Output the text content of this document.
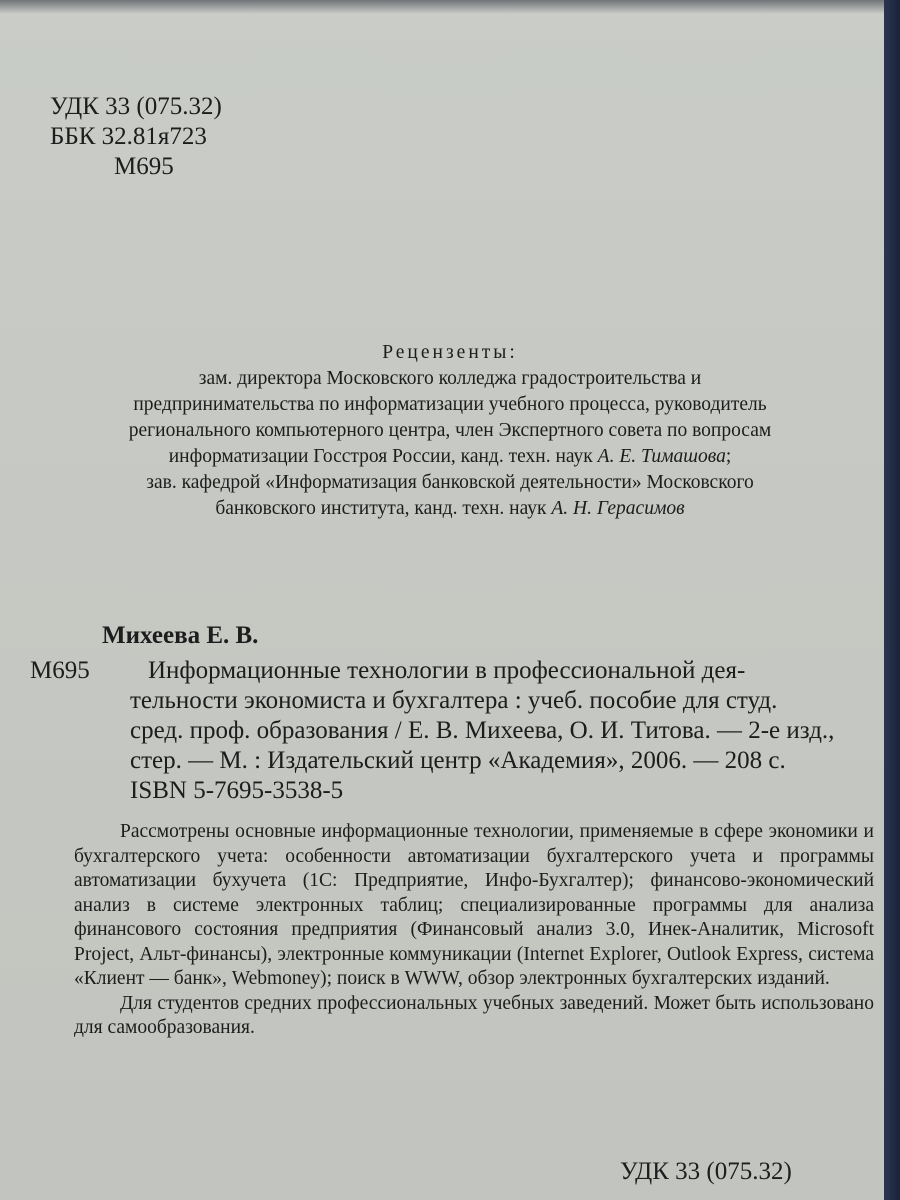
УДК 33 (075.32)
ББК 32.81я723
М695

Рецензенты:

зам. директора Московского колледжа градостроительства и

предпринимательства по информатизации учебного процесса, руководитель

регионального компьютерного центра, член Экспертного совета по вопросам

информатизации Госстроя России, канд. техн. наук А. Е. Тимашова;

зав. кафедрой «Информатизация банковской деятельности» Московского

банковского института, канд. техн. наук А. Н. Герасимов

Михеева Е. В.
М695	Информационные технологии в профессиональной дея-
тельности экономиста и бухгалтера : учеб. пособие для студ.
сред. проф. образования / Е. В. Михеева, О. И. Титова. — 2-е изд.,
стер. — М. : Издательский центр «Академия», 2006. — 208 с.
ISBN 5-7695-3538-5

Рассмотрены основные информационные технологии, применяемые в сфере экономики и бухгалтерского учета: особенности автоматизации бухгалтерского учета и программы автоматизации бухучета (1С: Предприятие, Инфо-Бухгалтер); финансово-экономический анализ в системе электронных таблиц; специализированные программы для анализа финансового состояния предприятия (Финансовый анализ 3.0, Инек-Аналитик, Microsoft Project, Альт-финансы), электронные коммуникации (Internet Explorer, Outlook Express, система «Клиент — банк», Webmoney); поиск в WWW, обзор электронных бухгалтерских изданий.

Для студентов средних профессиональных учебных заведений. Может быть использовано для самообразования.

УДК 33 (075.32)
